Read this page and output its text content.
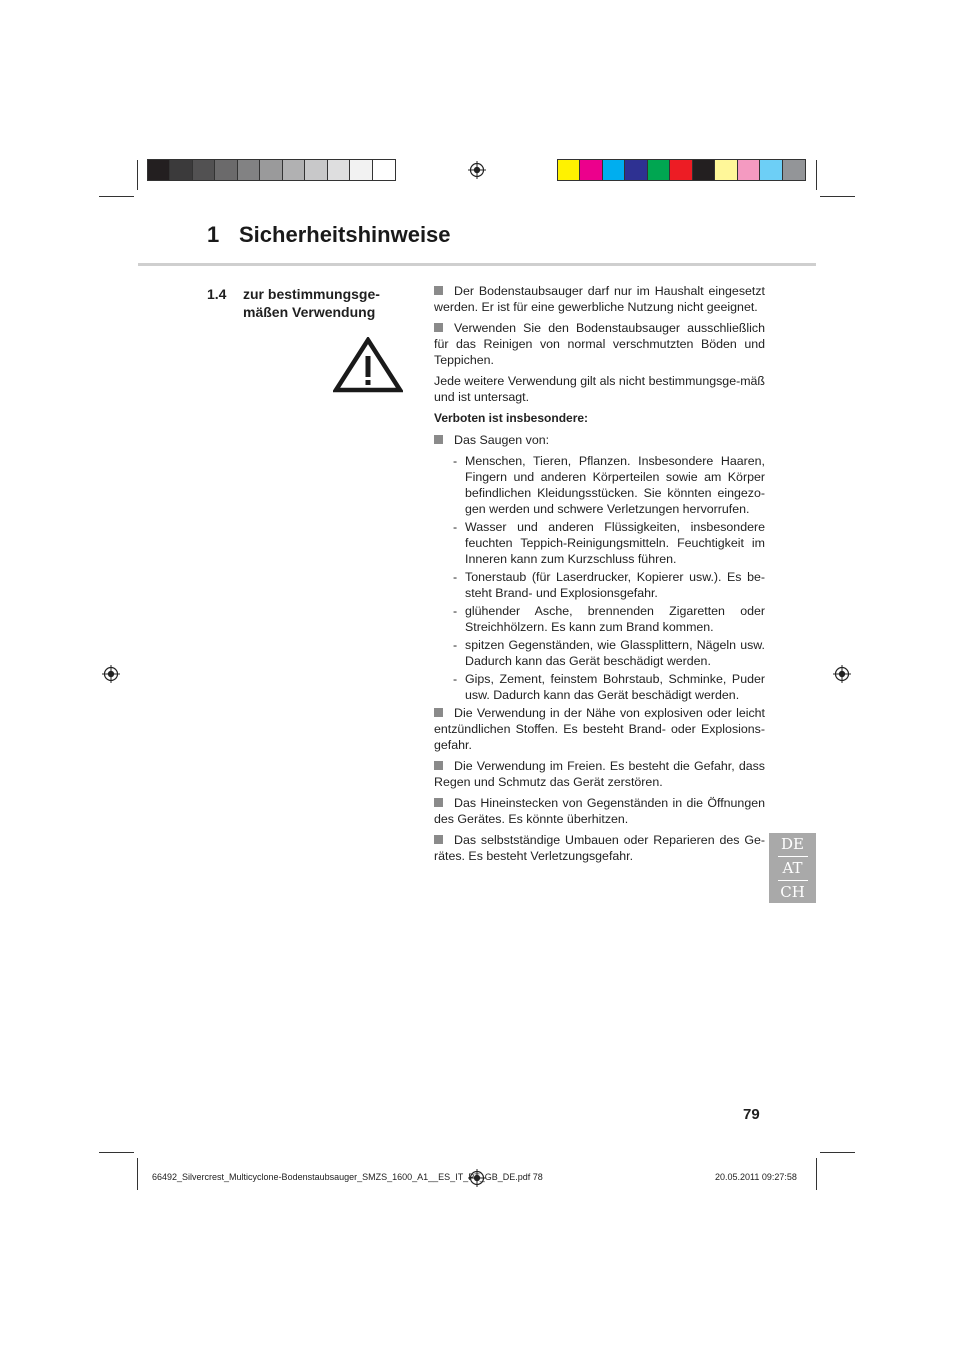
1 Sicherheitshinweise
1.4 zur bestimmungsge-
mäßen Verwendung

Der Bodenstaubsauger darf nur im Haushalt eingesetzt werden. Er ist für eine gewerbliche Nutzung nicht geeignet.

Verwenden Sie den Bodenstaubsauger ausschließlich für das Reinigen von normal verschmutzten Böden und Teppichen.

Jede weitere Verwendung gilt als nicht bestimmungsge-mäß und ist untersagt.

Verboten ist insbesondere:

Das Saugen von:

- Menschen, Tieren, Pflanzen. Insbesondere Haaren, Fingern und anderen Körperteilen sowie am Körper befindlichen Kleidungsstücken. Sie könnten eingezo-gen werden und schwere Verletzungen hervorrufen.

- Wasser und anderen Flüssigkeiten, insbesondere feuchten Teppich-Reinigungsmitteln. Feuchtigkeit im Inneren kann zum Kurzschluss führen.

- Tonerstaub (für Laserdrucker, Kopierer usw.). Es be-steht Brand- und Explosionsgefahr.

- glühender Asche, brennenden Zigaretten oder Streichhölzern. Es kann zum Brand kommen.

- spitzen Gegenständen, wie Glassplittern, Nägeln usw. Dadurch kann das Gerät beschädigt werden.

- Gips, Zement, feinstem Bohrstaub, Schminke, Puder usw. Dadurch kann das Gerät beschädigt werden.

Die Verwendung in der Nähe von explosiven oder leicht entzündlichen Stoffen. Es besteht Brand- oder Explosions-gefahr.

Die Verwendung im Freien. Es besteht die Gefahr, dass Regen und Schmutz das Gerät zerstören.

Das Hineinstecken von Gegenständen in die Öffnungen des Gerätes. Es könnte überhitzen.

Das selbstständige Umbauen oder Reparieren des Ge-rätes. Es besteht Verletzungsgefahr.

DE
AT
CH
79
66492_Silvercrest_Multicyclone-Bodenstaubsauger_SMZS_1600_A1__ES_IT_PT_GB_DE.pdf 78	20.05.2011 09:27:58
